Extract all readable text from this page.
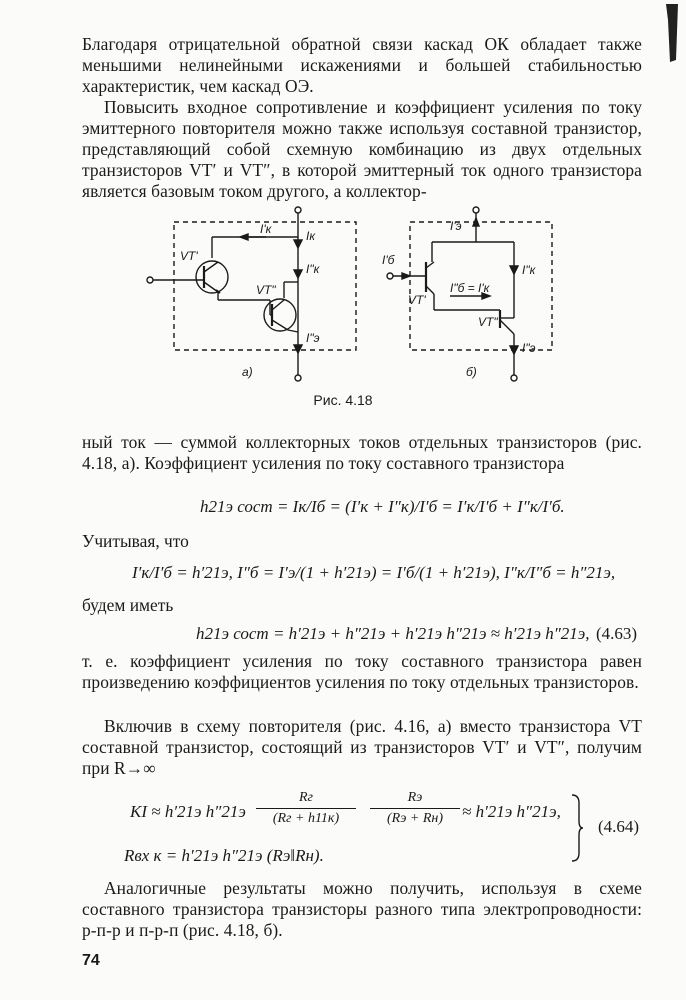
Благодаря отрицательной обратной связи каскад ОК обладает также меньшими нелинейными искажениями и большей стабильностью характеристик, чем каскад ОЭ.

Повысить входное сопротивление и коэффициент усиления по току эмиттерного повторителя можно также используя составной транзистор, представляющий собой схемную комбинацию из двух отдельных транзисторов VT′ и VT″, в которой эмиттерный ток одного транзистора является базовым током другого, а коллектор-

I'к	Iк
I"к
I"э
VT'
VT"
а)
I'э
I'б
I"к
I"б = I'к
VT'
VT"
I"э
б)
Рис. 4.18

ный ток — суммой коллекторных токов отдельных транзисторов (рис. 4.18, а). Коэффициент усиления по току составного транзистора

h21э сост = Iк/Iб = (I′к + I″к)/I′б = I′к/I′б + I″к/I′б.
Учитывая, что
I′к/I′б = h′21э, I″б = I′э/(1 + h′21э) = I′б/(1 + h′21э), I″к/I″б = h″21э,
будем иметь
h21э сост = h′21э + h″21э + h′21э h″21э ≈ h′21э h″21э, (4.63)

т. е. коэффициент усиления по току составного транзистора равен произведению коэффициентов усиления по току отдельных транзисторов.

Включив в схему повторителя (рис. 4.16, а) вместо транзистора VT составной транзистор, состоящий из транзисторов VT′ и VT″, получим при R→∞

KI ≈ h′21э h″21э
Rг
(Rг + h11к)
Rэ
(Rэ + Rн)	≈ h′21э h″21э,
Rвх к = h′21э h″21э (Rэ‖Rн).
(4.64)

Аналогичные результаты можно получить, используя в схеме составного транзистора транзисторы разного типа электропроводности: р-п-р и п-р-п (рис. 4.18, б).

74
